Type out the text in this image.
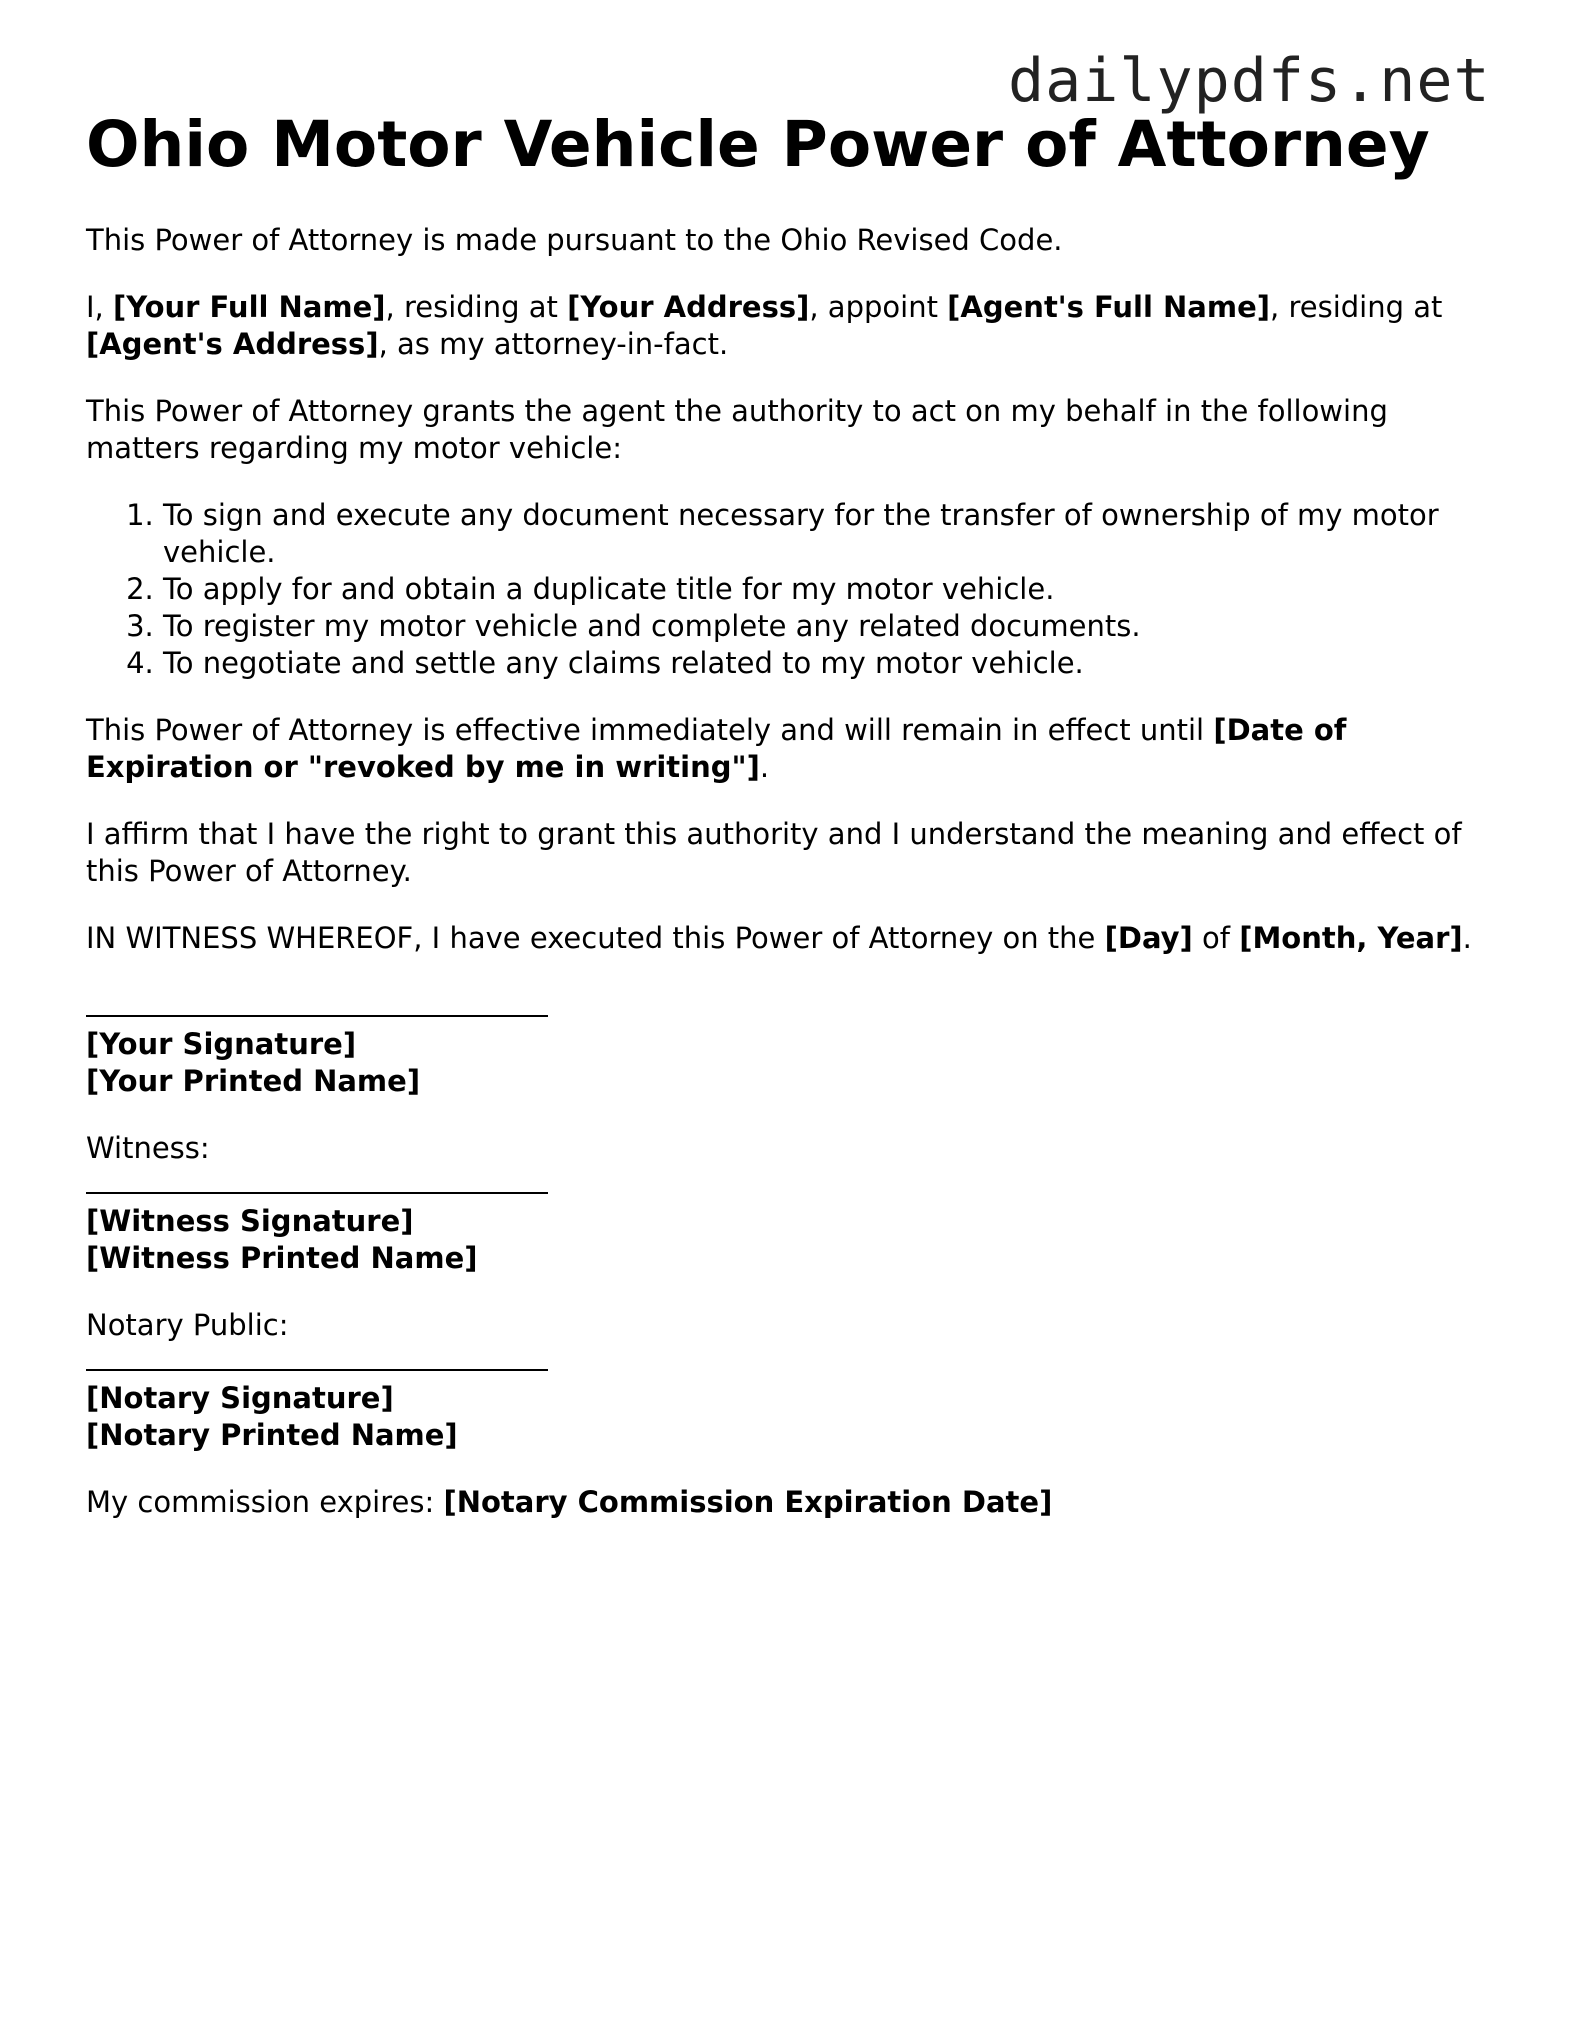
dailypdfs.net
Ohio Motor Vehicle Power of Attorney

This Power of Attorney is made pursuant to the Ohio Revised Code.

I, [Your Full Name], residing at [Your Address], appoint [Agent's Full Name], residing at [Agent's Address], as my attorney-in-fact.

This Power of Attorney grants the agent the authority to act on my behalf in the following matters regarding my motor vehicle:

1. To sign and execute any document necessary for the transfer of ownership of my motor vehicle.
2. To apply for and obtain a duplicate title for my motor vehicle.
3. To register my motor vehicle and complete any related documents.
4. To negotiate and settle any claims related to my motor vehicle.

This Power of Attorney is effective immediately and will remain in effect until [Date of Expiration or "revoked by me in writing"].

I affirm that I have the right to grant this authority and I understand the meaning and effect of this Power of Attorney.

IN WITNESS WHEREOF, I have executed this Power of Attorney on the [Day] of [Month, Year].

[Your Signature]
[Your Printed Name]

Witness:

[Witness Signature]
[Witness Printed Name]

Notary Public:

[Notary Signature]
[Notary Printed Name]

My commission expires: [Notary Commission Expiration Date]
